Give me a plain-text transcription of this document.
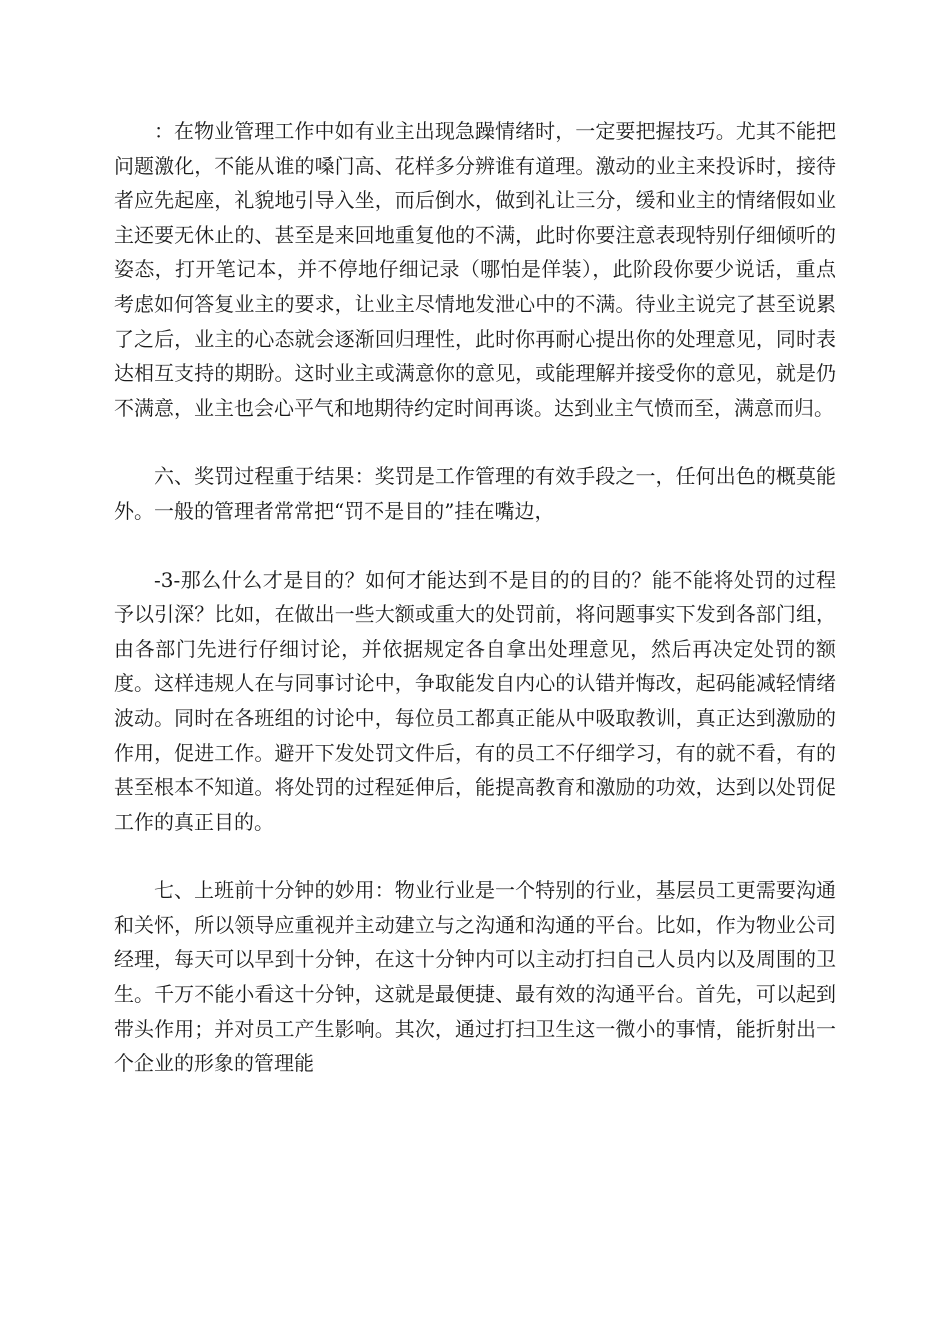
：在物业管理工作中如有业主出现急躁情绪时，一定要把握技巧。尤其不能把问题激化，不能从谁的嗓门高、花样多分辨谁有道理。激动的业主来投诉时，接待者应先起座，礼貌地引导入坐，而后倒水，做到礼让三分，缓和业主的情绪假如业主还要无休止的、甚至是来回地重复他的不满，此时你要注意表现特别仔细倾听的姿态，打开笔记本，并不停地仔细记录（哪怕是佯装），此阶段你要少说话，重点考虑如何答复业主的要求，让业主尽情地发泄心中的不满。待业主说完了甚至说累了之后，业主的心态就会逐渐回归理性，此时你再耐心提出你的处理意见，同时表达相互支持的期盼。这时业主或满意你的意见，或能理解并接受你的意见，就是仍不满意，业主也会心平气和地期待约定时间再谈。达到业主气愤而至，满意而归。

六、奖罚过程重于结果：奖罚是工作管理的有效手段之一，任何出色的概莫能外。一般的管理者常常把“罚不是目的”挂在嘴边，

-3-那么什么才是目的？如何才能达到不是目的的目的？能不能将处罚的过程予以引深？比如，在做出一些大额或重大的处罚前，将问题事实下发到各部门组，由各部门先进行仔细讨论，并依据规定各自拿出处理意见，然后再决定处罚的额度。这样违规人在与同事讨论中，争取能发自内心的认错并悔改，起码能减轻情绪波动。同时在各班组的讨论中，每位员工都真正能从中吸取教训，真正达到激励的作用，促进工作。避开下发处罚文件后，有的员工不仔细学习，有的就不看，有的甚至根本不知道。将处罚的过程延伸后，能提高教育和激励的功效，达到以处罚促工作的真正目的。

七、上班前十分钟的妙用：物业行业是一个特别的行业，基层员工更需要沟通和关怀，所以领导应重视并主动建立与之沟通和沟通的平台。比如，作为物业公司经理，每天可以早到十分钟，在这十分钟内可以主动打扫自己人员内以及周围的卫生。千万不能小看这十分钟，这就是最便捷、最有效的沟通平台。首先，可以起到带头作用；并对员工产生影响。其次，通过打扫卫生这一微小的事情，能折射出一个企业的形象的管理能
